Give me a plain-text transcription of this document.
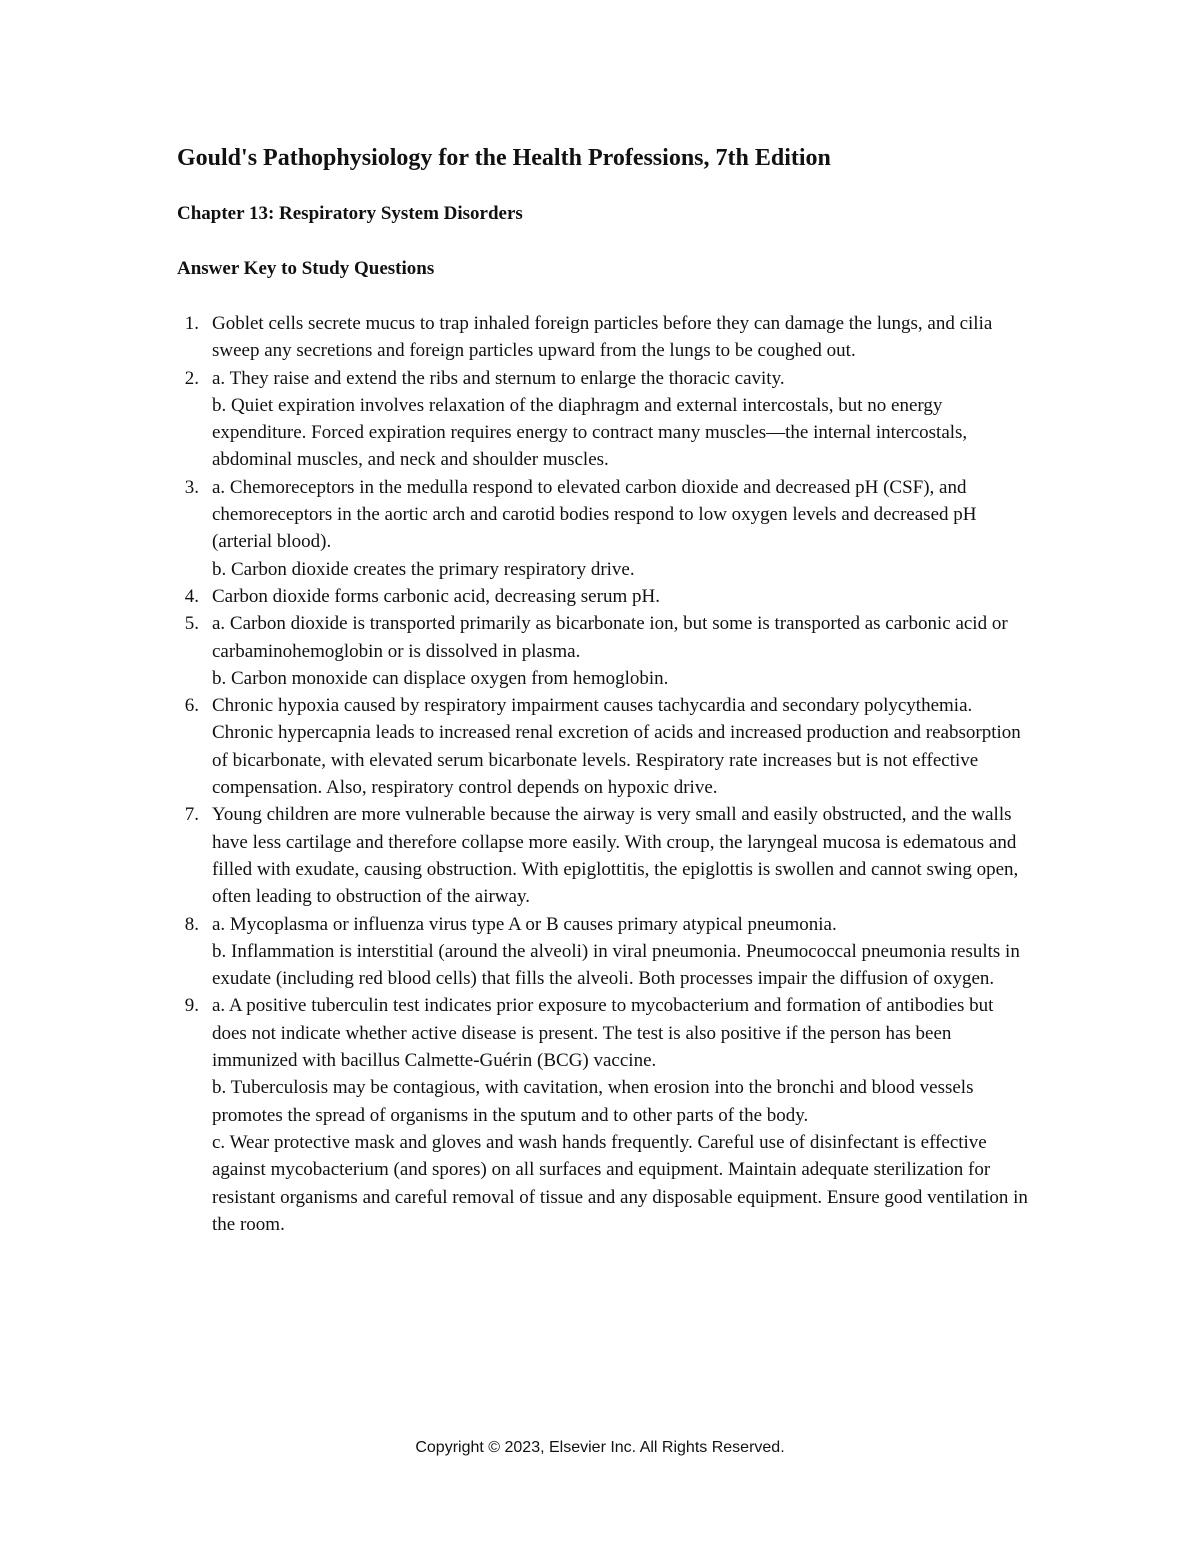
Gould's Pathophysiology for the Health Professions, 7th Edition
Chapter 13: Respiratory System Disorders
Answer Key to Study Questions
1. Goblet cells secrete mucus to trap inhaled foreign particles before they can damage the lungs, and cilia sweep any secretions and foreign particles upward from the lungs to be coughed out.

2. a. They raise and extend the ribs and sternum to enlarge the thoracic cavity.

b. Quiet expiration involves relaxation of the diaphragm and external intercostals, but no energy expenditure. Forced expiration requires energy to contract many muscles—the internal intercostals, abdominal muscles, and neck and shoulder muscles.

3. a. Chemoreceptors in the medulla respond to elevated carbon dioxide and decreased pH (CSF), and chemoreceptors in the aortic arch and carotid bodies respond to low oxygen levels and decreased pH (arterial blood).

b. Carbon dioxide creates the primary respiratory drive.

4. Carbon dioxide forms carbonic acid, decreasing serum pH.

5. a. Carbon dioxide is transported primarily as bicarbonate ion, but some is transported as carbonic acid or carbaminohemoglobin or is dissolved in plasma.

b. Carbon monoxide can displace oxygen from hemoglobin.

6. Chronic hypoxia caused by respiratory impairment causes tachycardia and secondary polycythemia. Chronic hypercapnia leads to increased renal excretion of acids and increased production and reabsorption of bicarbonate, with elevated serum bicarbonate levels. Respiratory rate increases but is not effective compensation. Also, respiratory control depends on hypoxic drive.

7. Young children are more vulnerable because the airway is very small and easily obstructed, and the walls have less cartilage and therefore collapse more easily. With croup, the laryngeal mucosa is edematous and filled with exudate, causing obstruction. With epiglottitis, the epiglottis is swollen and cannot swing open, often leading to obstruction of the airway.

8. a. Mycoplasma or influenza virus type A or B causes primary atypical pneumonia.

b. Inflammation is interstitial (around the alveoli) in viral pneumonia. Pneumococcal pneumonia results in exudate (including red blood cells) that fills the alveoli. Both processes impair the diffusion of oxygen.

9. a. A positive tuberculin test indicates prior exposure to mycobacterium and formation of antibodies but does not indicate whether active disease is present. The test is also positive if the person has been immunized with bacillus Calmette-Guérin (BCG) vaccine.

b. Tuberculosis may be contagious, with cavitation, when erosion into the bronchi and blood vessels promotes the spread of organisms in the sputum and to other parts of the body.

c. Wear protective mask and gloves and wash hands frequently. Careful use of disinfectant is effective against mycobacterium (and spores) on all surfaces and equipment. Maintain adequate sterilization for resistant organisms and careful removal of tissue and any disposable equipment. Ensure good ventilation in the room.

Copyright © 2023, Elsevier Inc. All Rights Reserved.
